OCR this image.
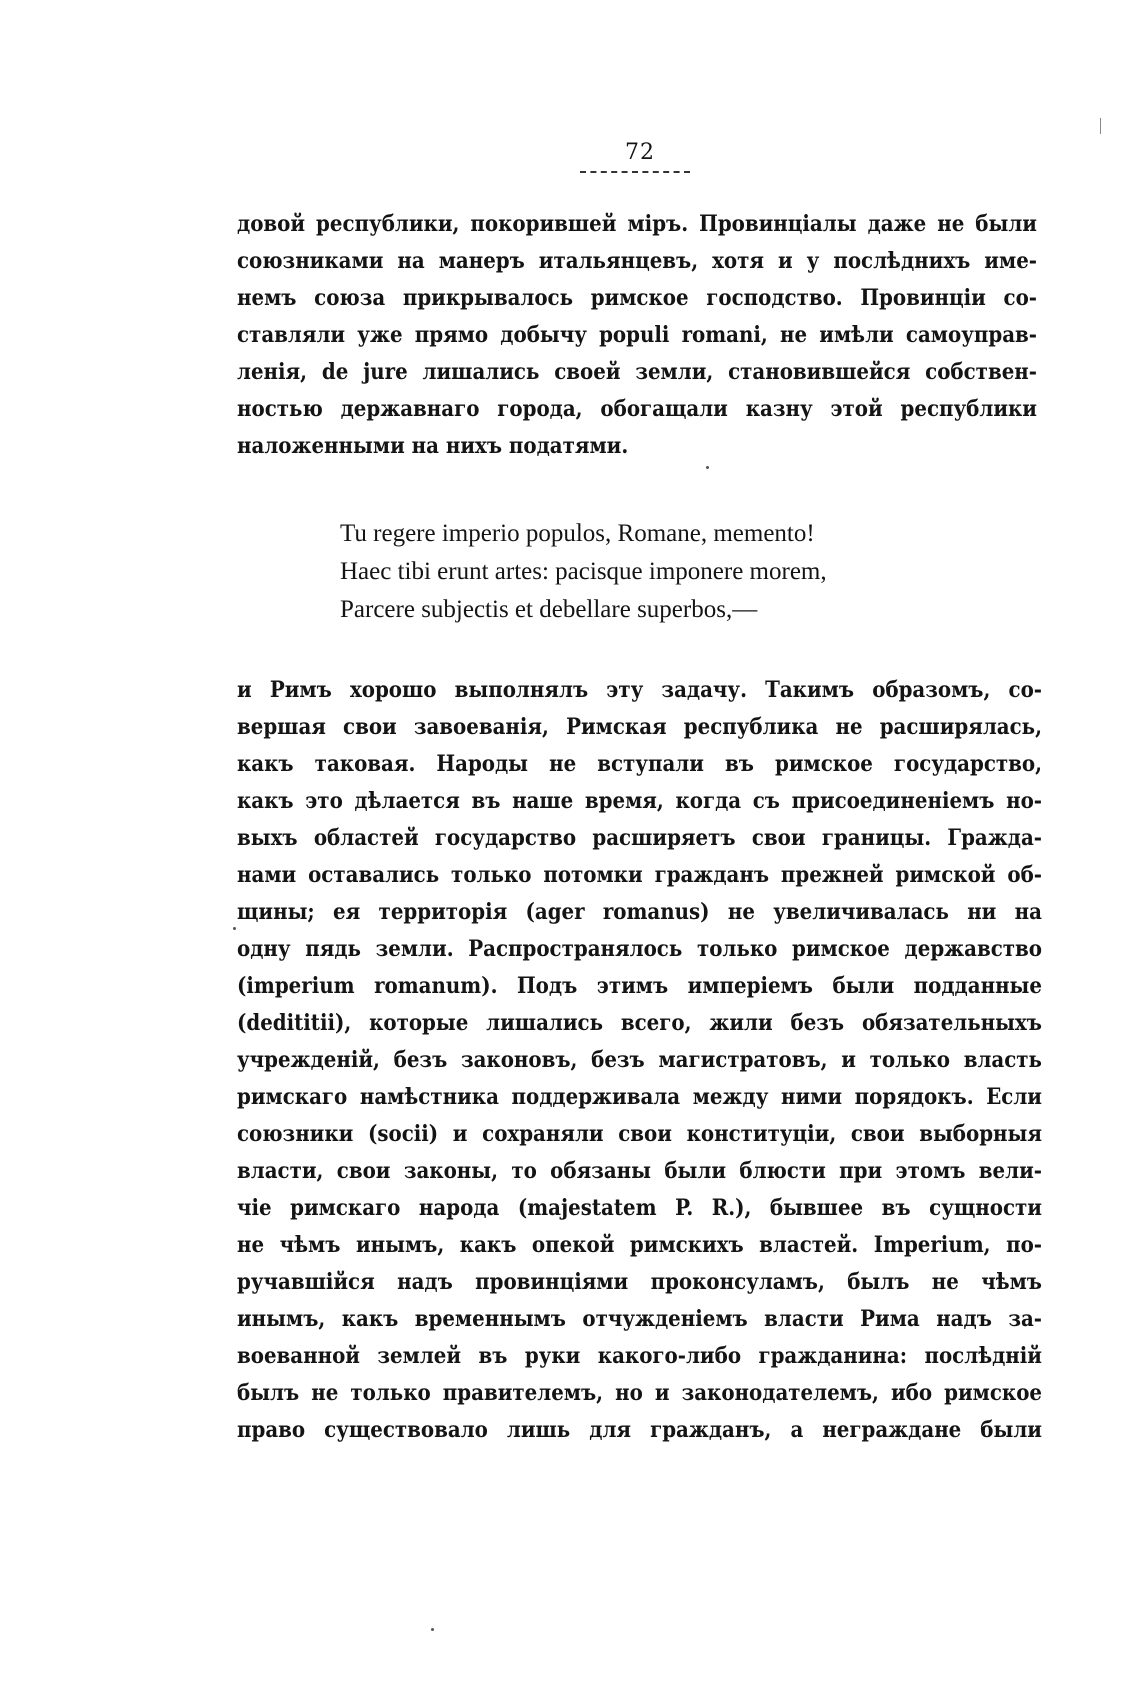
72
довой республики, покорившей міръ. Провинціалы даже не были
союзниками на манеръ итальянцевъ, хотя и у послѣднихъ име-
немъ союза прикрывалось римское господство. Провинціи со-
ставляли уже прямо добычу populi romani, не имѣли самоуправ-
ленія, de jure лишались своей земли, становившейся собствен-
ностью державнаго города, обогащали казну этой республики
наложенными на нихъ податями.
Tu regere imperio populos, Romane, memento!
Haec tibi erunt artes: pacisque imponere morem,
Parcere subjectis et debellare superbos,—
и Римъ хорошо выполнялъ эту задачу. Такимъ образомъ, со-
вершая свои завоеванія, Римская республика не расширялась,
какъ таковая. Народы не вступали въ римское государство,
какъ это дѣлается въ наше время, когда съ присоединеніемъ но-
выхъ областей государство расширяетъ свои границы. Гражда-
нами оставались только потомки гражданъ прежней римской об-
щины; ея территорія (ager romanus) не увеличивалась ни на
одну пядь земли. Распространялось только римское державство
(imperium romanum). Подъ этимъ имперіемъ были подданные
(dedititii), которые лишались всего, жили безъ обязательныхъ
учрежденій, безъ законовъ, безъ магистратовъ, и только власть
римскаго намѣстника поддерживала между ними порядокъ. Если
союзники (socii) и сохраняли свои конституціи, свои выборныя
власти, свои законы, то обязаны были блюсти при этомъ вели-
чіе римскаго народа (majestatem P. R.), бывшее въ сущности
не чѣмъ инымъ, какъ опекой римскихъ властей. Imperium, по-
ручавшійся надъ провинціями проконсуламъ, былъ не чѣмъ
инымъ, какъ временнымъ отчужденіемъ власти Рима надъ за-
воеванной землей въ руки какого-либо гражданина: послѣдній
былъ не только правителемъ, но и законодателемъ, ибо римское
право существовало лишь для гражданъ, а неграждане были
